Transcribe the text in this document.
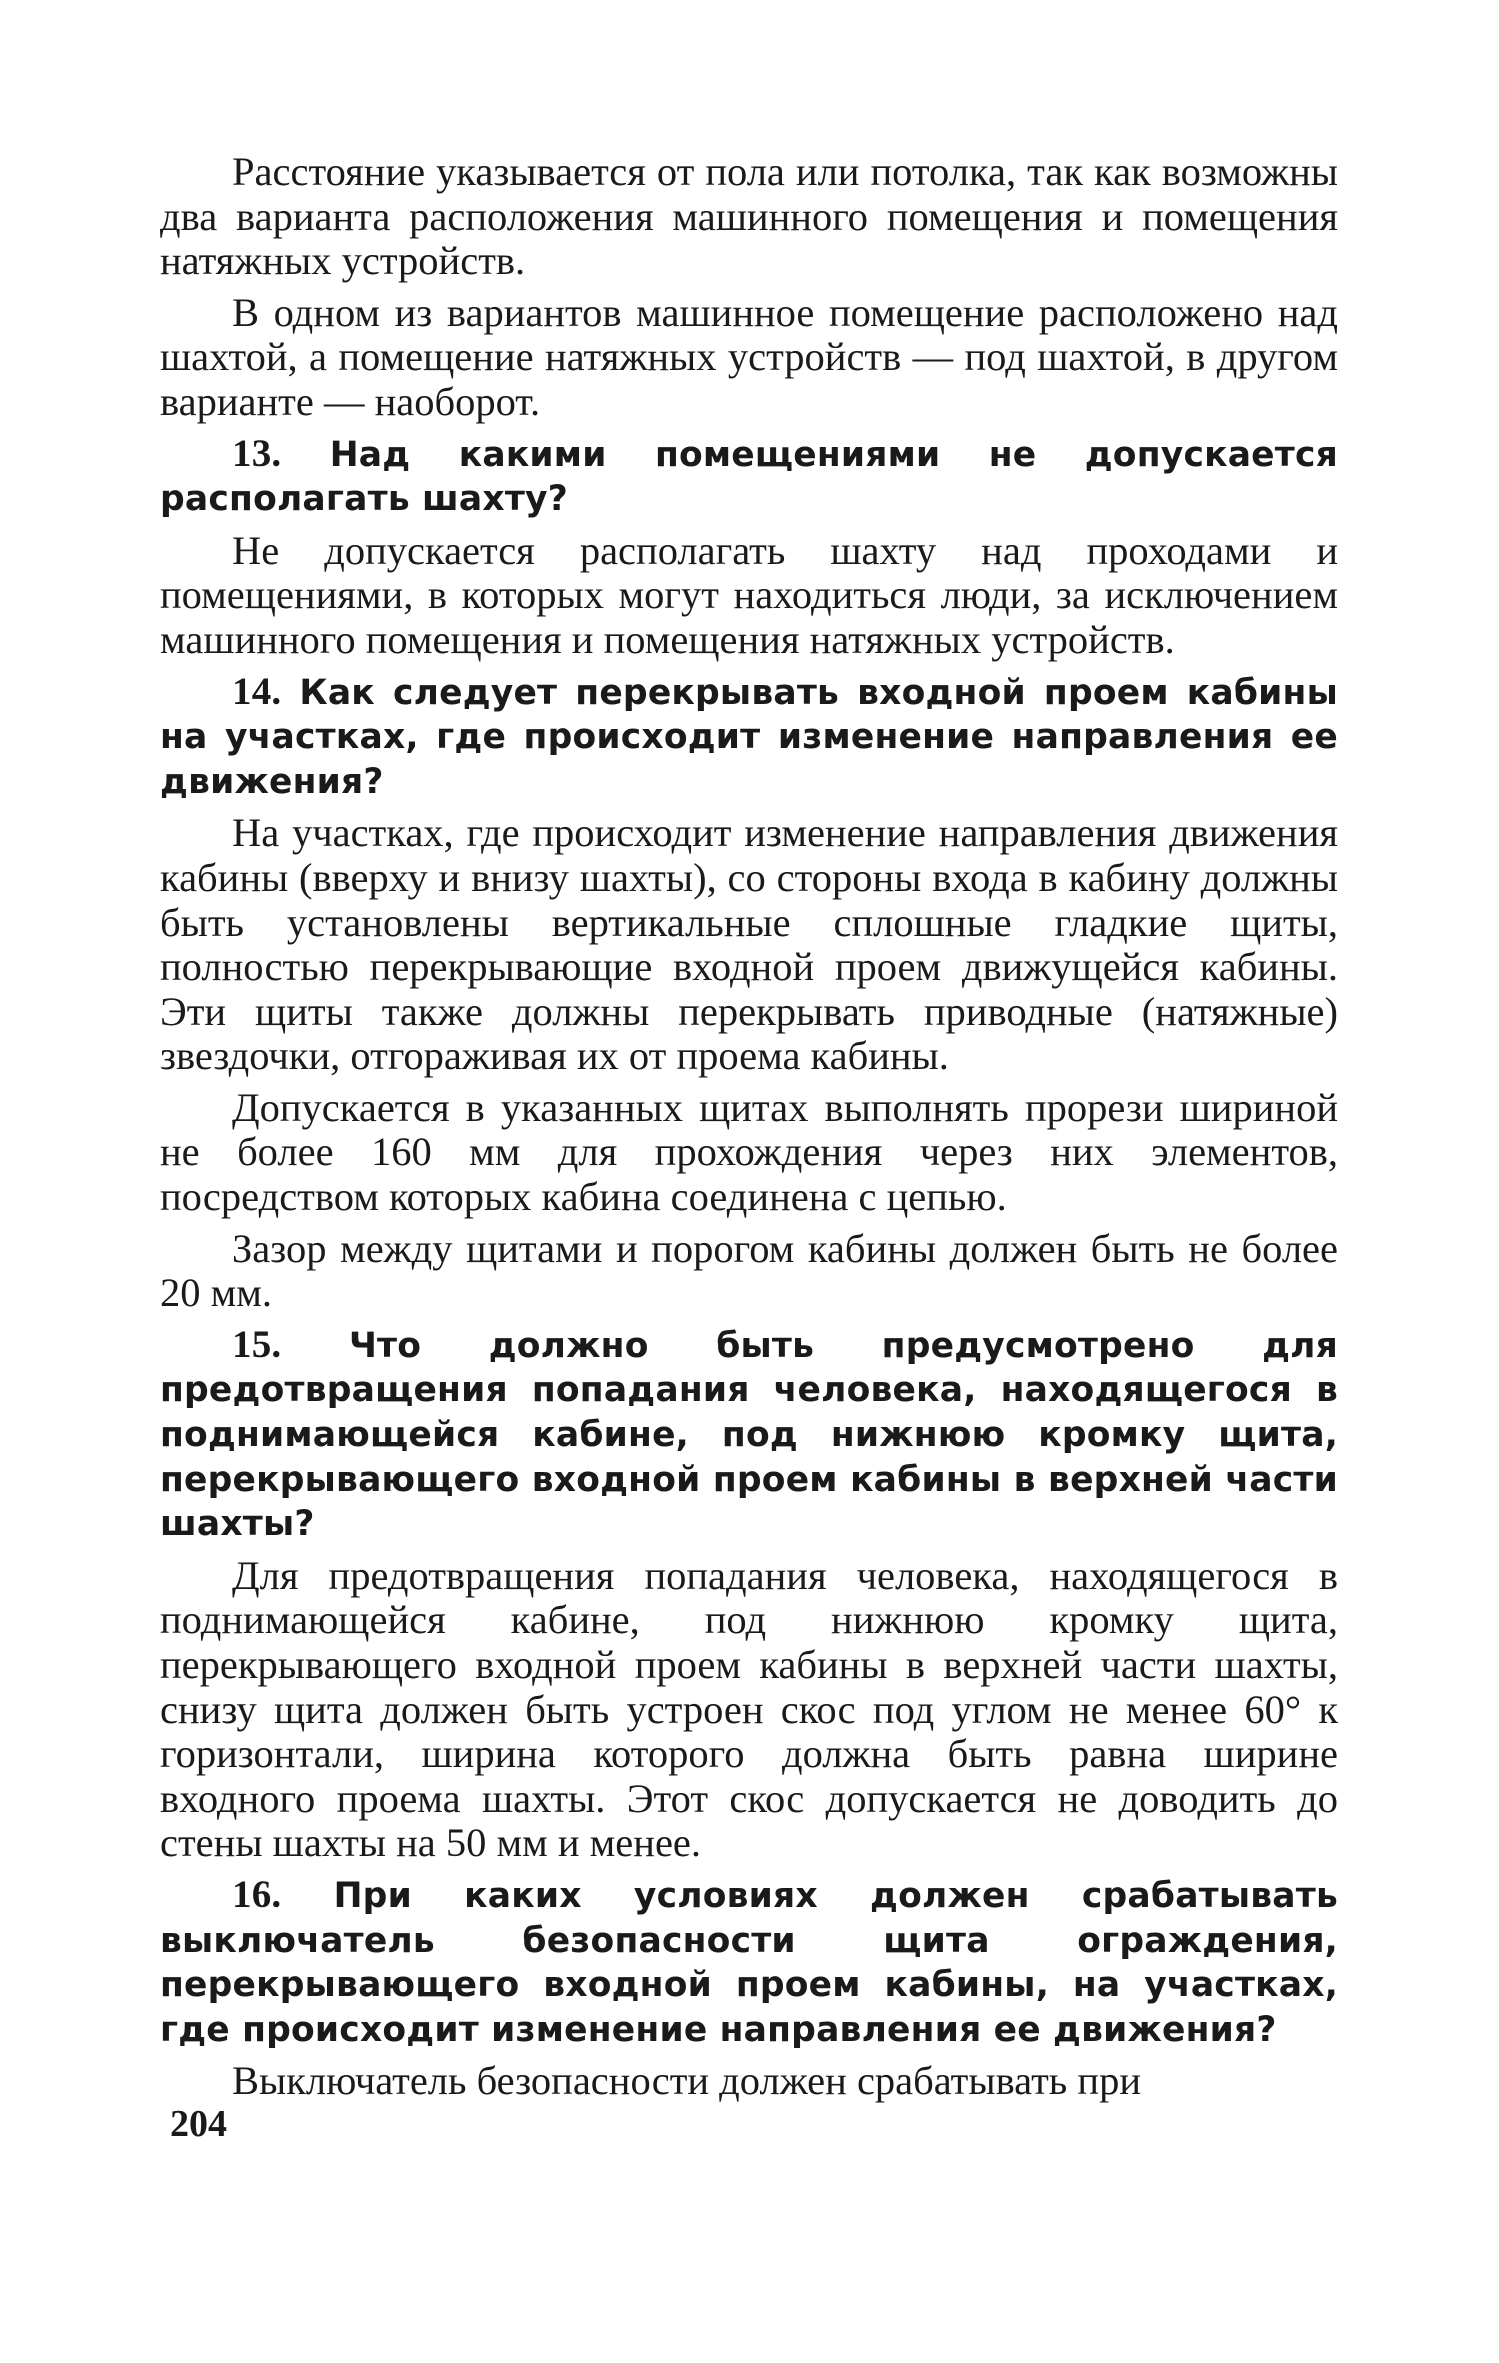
Расстояние указывается от пола или потолка, так как возможны два варианта расположения машинного помещения и помещения натяжных устройств.

В одном из вариантов машинное помещение расположено над шахтой, а помещение натяжных устройств — под шахтой, в другом варианте — наоборот.

13. Над какими помещениями не допускается располагать шахту?

Не допускается располагать шахту над проходами и помещениями, в которых могут находиться люди, за исключением машинного помещения и помещения натяжных устройств.

14. Как следует перекрывать входной проем кабины на участках, где происходит изменение направления ее движения?

На участках, где происходит изменение направления движения кабины (вверху и внизу шахты), со стороны входа в кабину должны быть установлены вертикальные сплошные гладкие щиты, полностью перекрывающие входной проем движущейся кабины. Эти щиты также должны перекрывать приводные (натяжные) звездочки, отгораживая их от проема кабины.

Допускается в указанных щитах выполнять прорези шириной не более 160 мм для прохождения через них элементов, посредством которых кабина соединена с цепью.

Зазор между щитами и порогом кабины должен быть не более 20 мм.

15. Что должно быть предусмотрено для предотвращения попадания человека, находящегося в поднимающейся кабине, под нижнюю кромку щита, перекрывающего входной проем кабины в верхней части шахты?

Для предотвращения попадания человека, находящегося в поднимающейся кабине, под нижнюю кромку щита, перекрывающего входной проем кабины в верхней части шахты, снизу щита должен быть устроен скос под углом не менее 60° к горизонтали, ширина которого должна быть равна ширине входного проема шахты. Этот скос допускается не доводить до стены шахты на 50 мм и менее.

16. При каких условиях должен срабатывать выключатель безопасности щита ограждения, перекрывающего входной проем кабины, на участках, где происходит изменение направления ее движения?

Выключатель безопасности должен срабатывать при

204
